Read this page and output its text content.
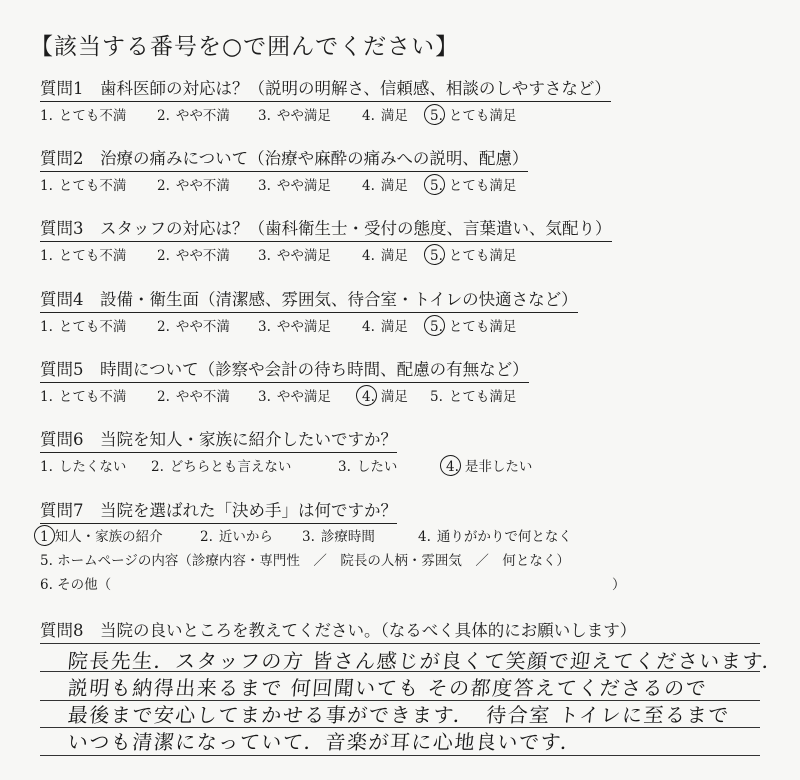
【該当する番号を○で囲んでください】
質問1　歯科医師の対応は？（説明の明解さ、信頼感、相談のしやすさなど）
1. とても不満 2. やや不満 3. やや満足 4. 満足 5. とても満足
質問2　治療の痛みについて（治療や麻酔の痛みへの説明、配慮）
1. とても不満 2. やや不満 3. やや満足 4. 満足 5. とても満足
質問3　スタッフの対応は？（歯科衛生士・受付の態度、言葉遣い、気配り）
1. とても不満 2. やや不満 3. やや満足 4. 満足 5. とても満足
質問4　設備・衛生面（清潔感、雰囲気、待合室・トイレの快適さなど）
1. とても不満 2. やや不満 3. やや満足 4. 満足 5. とても満足
質問5　時間について（診察や会計の待ち時間、配慮の有無など）
1. とても不満 2. やや不満 3. やや満足 4. 満足 5. とても満足
質問6　当院を知人・家族に紹介したいですか？
1. したくない 2. どちらとも言えない	3. したい	4. 是非したい
質問7　当院を選ばれた「決め手」は何ですか？
1 知人・家族の紹介	2. 近いから 3. 診療時間	4. 通りがかりで何となく
5. ホームページの内容（診療内容・専門性　／　院長の人柄・雰囲気　／　何となく）
6. その他（	）
質問8　当院の良いところを教えてください。（なるべく具体的にお願いします）
院長先生．スタッフの方 皆さん感じが良くて笑顔で迎えてくださいます．
説明も納得出来るまで 何回聞いても その都度答えてくださるので
最後まで安心してまかせる事ができます．　待合室 トイレに至るまで
いつも清潔になっていて．音楽が耳に心地良いです．
